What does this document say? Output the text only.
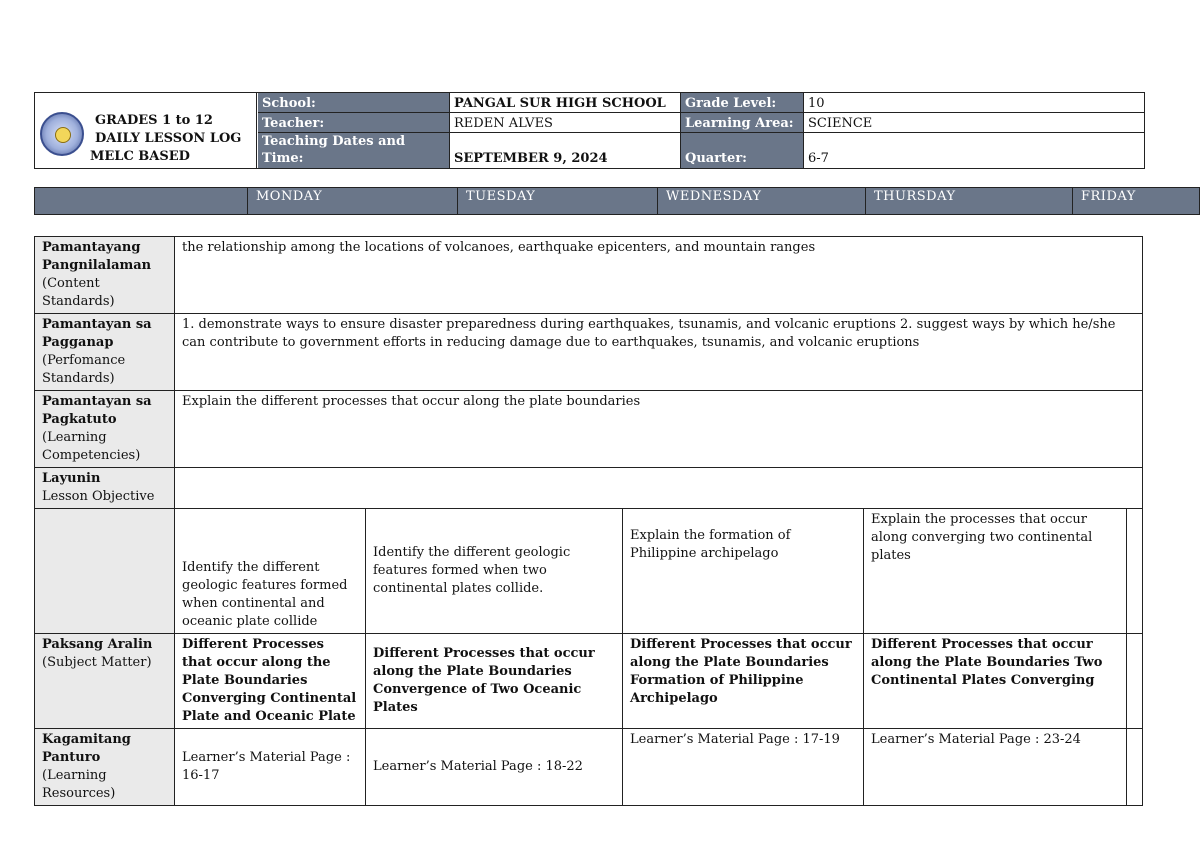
GRADES 1 to 12
DAILY LESSON LOG
MELC BASED
School:	PANGAL SUR HIGH SCHOOL	Grade Level:	10
Teacher:	REDEN ALVES	Learning Area:	SCIENCE
Teaching Dates and Time:	SEPTEMBER 9, 2024	Quarter:	6-7
MONDAY	TUESDAY	WEDNESDAY	THURSDAY	FRIDAY
Pamantayang Pangnilalaman
(Content Standards)	the relationship among the locations of volcanoes, earthquake epicenters, and mountain ranges				

Pamantayan sa Pagganap
(Perfomance Standards)	1. demonstrate ways to ensure disaster preparedness during earthquakes, tsunamis, and volcanic eruptions 2. suggest ways by which he/she can contribute to government efforts in reducing damage due to earthquakes, tsunamis, and volcanic eruptions				

Pamantayan sa Pagkatuto
(Learning Competencies)	Explain the different processes that occur along the plate boundaries				

Layunin
Lesson Objective					
	Identify the different geologic features formed when continental and oceanic plate collide	Identify the different geologic features formed when two continental plates collide.	Explain the formation of Philippine archipelago	Explain the processes that occur along converging two continental plates	

Paksang Aralin
(Subject Matter)	Different Processes that occur along the Plate Boundaries Converging Continental Plate and Oceanic Plate	Different Processes that occur along the Plate Boundaries Convergence of Two Oceanic Plates	Different Processes that occur along the Plate Boundaries Formation of Philippine Archipelago	Different Processes that occur along the Plate Boundaries Two Continental Plates Converging	

Kagamitang Panturo
(Learning Resources)	Learner’s Material Page : 16-17	Learner’s Material Page : 18-22	Learner’s Material Page : 17-19	Learner’s Material Page : 23-24	
